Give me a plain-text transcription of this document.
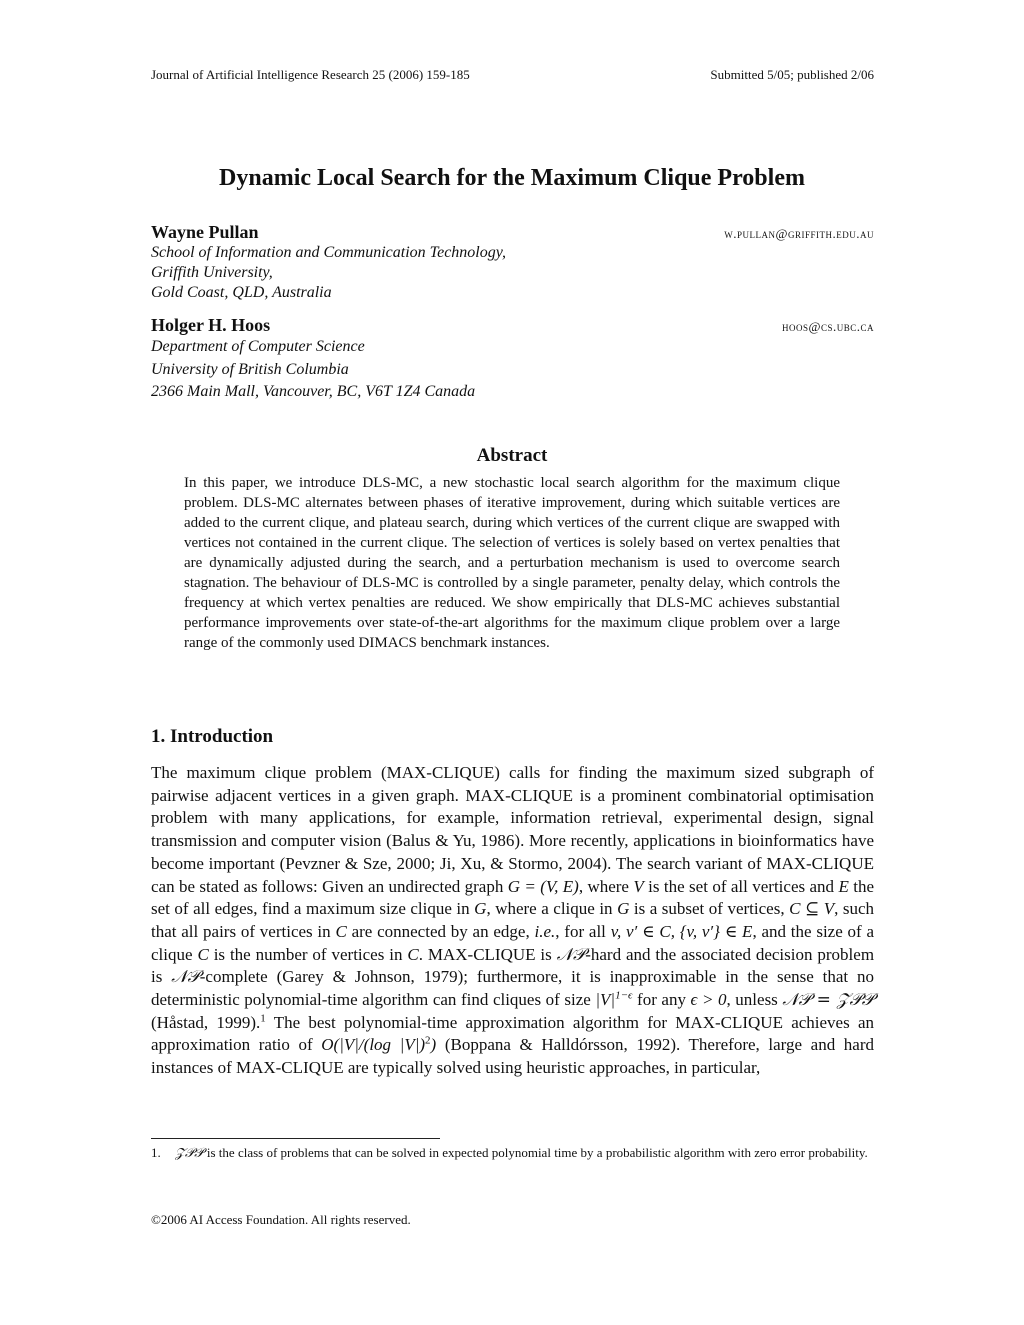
Journal of Artificial Intelligence Research 25 (2006) 159-185	Submitted 5/05; published 2/06
Dynamic Local Search for the Maximum Clique Problem
Wayne Pullan	w.pullan@griffith.edu.au
School of Information and Communication Technology,
Griffith University,
Gold Coast, QLD, Australia
Holger H. Hoos	hoos@cs.ubc.ca
Department of Computer Science
University of British Columbia
2366 Main Mall, Vancouver, BC, V6T 1Z4 Canada
Abstract
In this paper, we introduce DLS-MC, a new stochastic local search algorithm for the maximum clique problem. DLS-MC alternates between phases of iterative improvement, during which suitable vertices are added to the current clique, and plateau search, during which vertices of the current clique are swapped with vertices not contained in the current clique. The selection of vertices is solely based on vertex penalties that are dynamically adjusted during the search, and a perturbation mechanism is used to overcome search stagnation. The behaviour of DLS-MC is controlled by a single parameter, penalty delay, which controls the frequency at which vertex penalties are reduced. We show empirically that DLS-MC achieves substantial performance improvements over state-of-the-art algorithms for the maximum clique problem over a large range of the commonly used DIMACS benchmark instances.
1. Introduction
The maximum clique problem (MAX-CLIQUE) calls for finding the maximum sized subgraph of pairwise adjacent vertices in a given graph. MAX-CLIQUE is a prominent combinatorial optimisation problem with many applications, for example, information retrieval, experimental design, signal transmission and computer vision (Balus & Yu, 1986). More recently, applications in bioinformatics have become important (Pevzner & Sze, 2000; Ji, Xu, & Stormo, 2004). The search variant of MAX-CLIQUE can be stated as follows: Given an undirected graph G = (V, E), where V is the set of all vertices and E the set of all edges, find a maximum size clique in G, where a clique in G is a subset of vertices, C ⊆ V, such that all pairs of vertices in C are connected by an edge, i.e., for all v, v′ ∈ C, {v, v′} ∈ E, and the size of a clique C is the number of vertices in C. MAX-CLIQUE is 𝒩𝒫-hard and the associated decision problem is 𝒩𝒫-complete (Garey & Johnson, 1979); furthermore, it is inapproximable in the sense that no deterministic polynomial-time algorithm can find cliques of size $|V|^{1-\epsilon}$ for any ϵ > 0, unless 𝒩𝒫 = 𝒵𝒫𝒫 (Håstad, 1999).$^1$ The best polynomial-time approximation algorithm for MAX-CLIQUE achieves an approximation ratio of O(|V|/(log |V|)$^2$) (Boppana & Halldórsson, 1992). Therefore, large and hard instances of MAX-CLIQUE are typically solved using heuristic approaches, in particular,
1.	𝒵𝒫𝒫 is the class of problems that can be solved in expected polynomial time by a probabilistic algorithm with zero error probability.
©2006 AI Access Foundation. All rights reserved.
